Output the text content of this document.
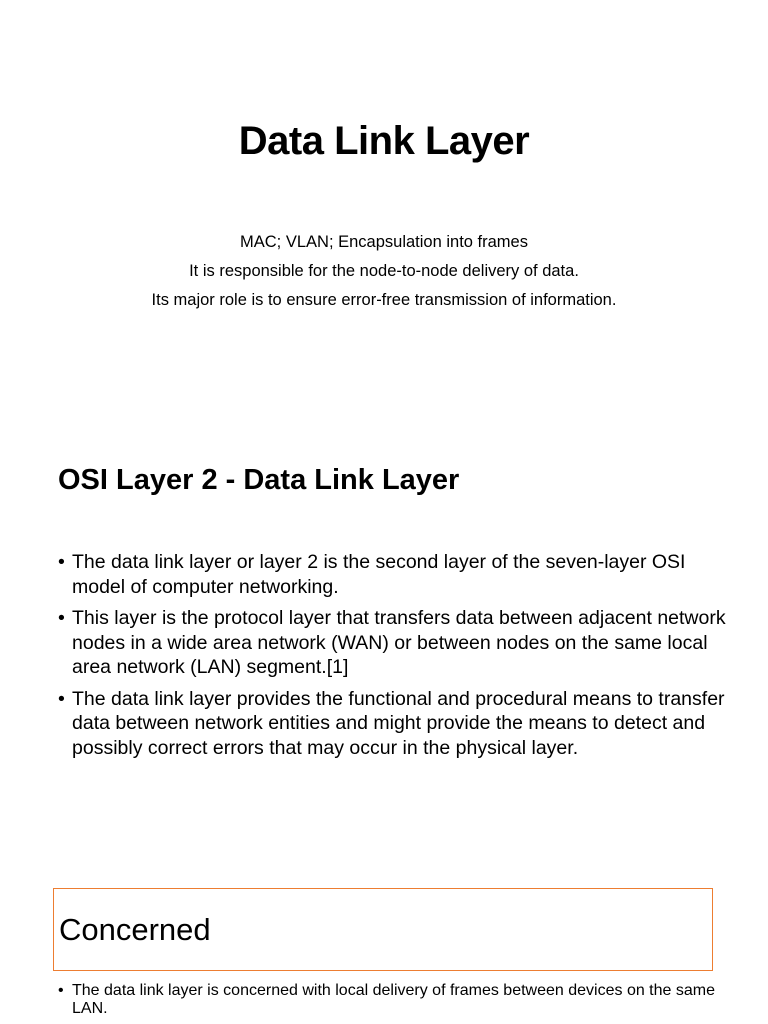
Data Link Layer
MAC; VLAN; Encapsulation into frames
It is responsible for the node-to-node delivery of data.
Its major role is to ensure error-free transmission of information.
OSI Layer 2 - Data Link Layer
• The data link layer or layer 2 is the second layer of the seven-layer OSI model of computer networking.
• This layer is the protocol layer that transfers data between adjacent network nodes in a wide area network (WAN) or between nodes on the same local area network (LAN) segment.[1]
• The data link layer provides the functional and procedural means to transfer data between network entities and might provide the means to detect and possibly correct errors that may occur in the physical layer.
Concerned
• The data link layer is concerned with local delivery of frames between devices on the same LAN.
